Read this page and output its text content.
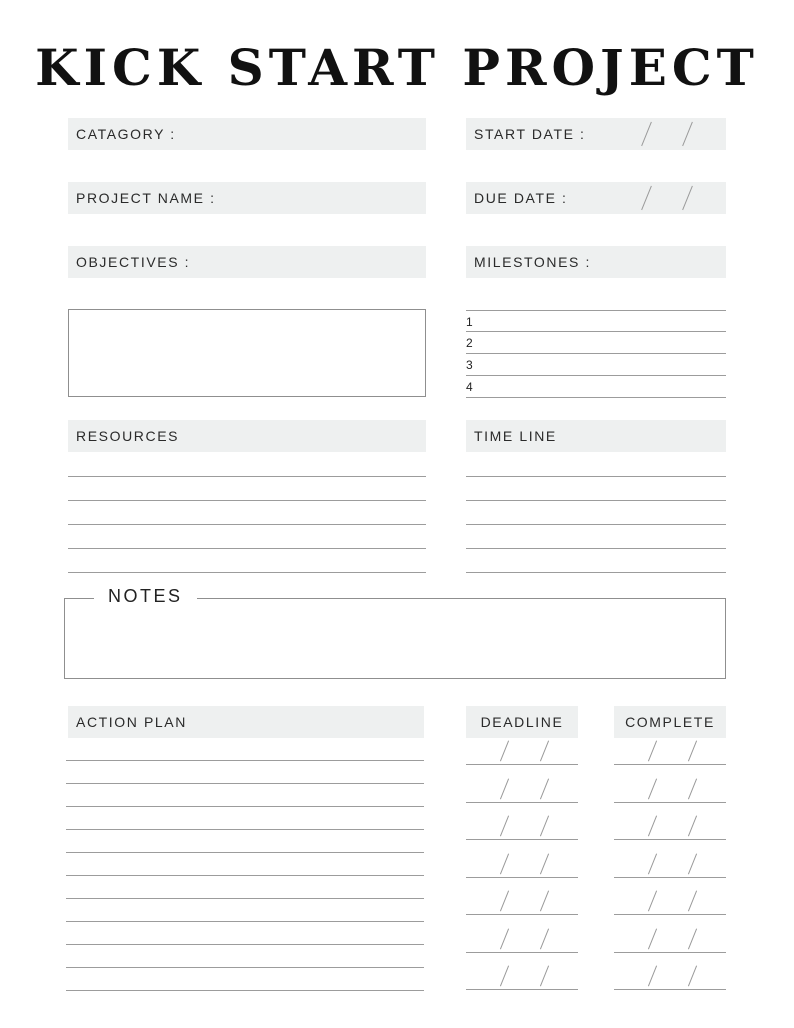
KICK START PROJECT
CATAGORY :	START DATE :
PROJECT NAME :	DUE DATE :
OBJECTIVES :	MILESTONES :
1
2
3
4
RESOURCES	TIME LINE
NOTES
ACTION PLAN	DEADLINE	COMPLETE
